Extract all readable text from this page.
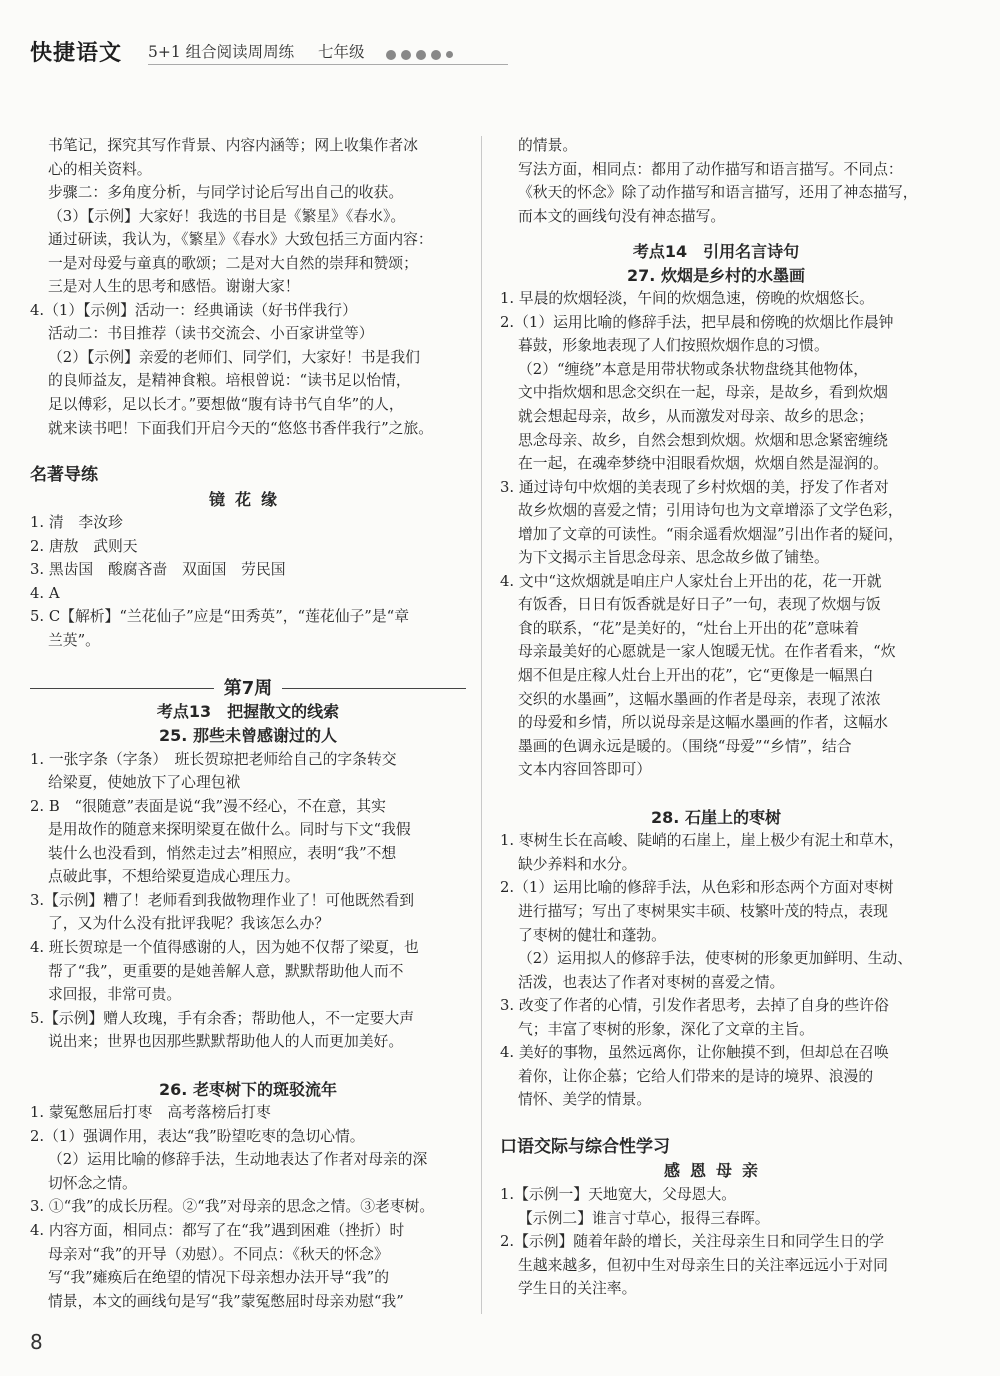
快捷语文 5+1 组合阅读周周练 七年级
书笔记，探究其写作背景、内容内涵等；网上收集作者冰
心的相关资料。
步骤二：多角度分析，与同学讨论后写出自己的收获。
（3）【示例】大家好！我选的书目是《繁星》《春水》。
通过研读，我认为，《繁星》《春水》大致包括三方面内容：
一是对母爱与童真的歌颂；二是对大自然的崇拜和赞颂；
三是对人生的思考和感悟。谢谢大家！
4.（1）【示例】活动一：经典诵读（好书伴我行）
活动二：书目推荐（读书交流会、小百家讲堂等）
（2）【示例】亲爱的老师们、同学们，大家好！书是我们
的良师益友，是精神食粮。培根曾说：“读书足以怡情，
足以傅彩，足以长才。”要想做“腹有诗书气自华”的人，
就来读书吧！下面我们开启今天的“悠悠书香伴我行”之旅。
名著导练
镜花缘
1. 清　李汝珍
2. 唐敖　武则天
3. 黑齿国　酸腐吝啬　双面国　劳民国
4. A
5. C【解析】“兰花仙子”应是“田秀英”，“莲花仙子”是“章
兰英”。
第7周
考点13　把握散文的线索
25. 那些未曾感谢过的人
1. 一张字条（字条）　班长贺琼把老师给自己的字条转交
给梁夏，使她放下了心理包袱
2. B　“很随意”表面是说“我”漫不经心，不在意，其实
是用故作的随意来探明梁夏在做什么。同时与下文“我假
装什么也没看到，悄然走过去”相照应，表明“我”不想
点破此事，不想给梁夏造成心理压力。
3.【示例】糟了！老师看到我做物理作业了！可他既然看到
了，又为什么没有批评我呢？我该怎么办？
4. 班长贺琼是一个值得感谢的人，因为她不仅帮了梁夏，也
帮了“我”，更重要的是她善解人意，默默帮助他人而不
求回报，非常可贵。
5.【示例】赠人玫瑰，手有余香；帮助他人，不一定要大声
说出来；世界也因那些默默帮助他人的人而更加美好。
26. 老枣树下的斑驳流年
1. 蒙冤憋屈后打枣　高考落榜后打枣
2.（1）强调作用，表达“我”盼望吃枣的急切心情。
（2）运用比喻的修辞手法，生动地表达了作者对母亲的深
切怀念之情。
3. ①“我”的成长历程。②“我”对母亲的思念之情。③老枣树。
4. 内容方面，相同点：都写了在“我”遇到困难（挫折）时
母亲对“我”的开导（劝慰）。不同点：《秋天的怀念》
写“我”瘫痪后在绝望的情况下母亲想办法开导“我”的
情景，本文的画线句是写“我”蒙冤憋屈时母亲劝慰“我”
的情景。
写法方面，相同点：都用了动作描写和语言描写。不同点：
《秋天的怀念》除了动作描写和语言描写，还用了神态描写，
而本文的画线句没有神态描写。
考点14　引用名言诗句
27. 炊烟是乡村的水墨画
1. 早晨的炊烟轻淡，午间的炊烟急速，傍晚的炊烟悠长。
2.（1）运用比喻的修辞手法，把早晨和傍晚的炊烟比作晨钟
暮鼓，形象地表现了人们按照炊烟作息的习惯。
（2）“缠绕”本意是用带状物或条状物盘绕其他物体，
文中指炊烟和思念交织在一起，母亲，是故乡，看到炊烟
就会想起母亲，故乡，从而激发对母亲、故乡的思念；
思念母亲、故乡，自然会想到炊烟。炊烟和思念紧密缠绕
在一起，在魂牵梦绕中泪眼看炊烟，炊烟自然是湿润的。
3. 通过诗句中炊烟的美表现了乡村炊烟的美，抒发了作者对
故乡炊烟的喜爱之情；引用诗句也为文章增添了文学色彩，
增加了文章的可读性。“雨余遥看炊烟湿”引出作者的疑问，
为下文揭示主旨思念母亲、思念故乡做了铺垫。
4. 文中“这炊烟就是咱庄户人家灶台上开出的花，花一开就
有饭香，日日有饭香就是好日子”一句，表现了炊烟与饭
食的联系，“花”是美好的，“灶台上开出的花”意味着
母亲最美好的心愿就是一家人饱暖无忧。在作者看来，“炊
烟不但是庄稼人灶台上开出的花”，它“更像是一幅黑白
交织的水墨画”，这幅水墨画的作者是母亲，表现了浓浓
的母爱和乡情，所以说母亲是这幅水墨画的作者，这幅水
墨画的色调永远是暖的。（围绕“母爱”“乡情”，结合
文本内容回答即可）
28. 石崖上的枣树
1. 枣树生长在高峻、陡峭的石崖上，崖上极少有泥土和草木，
缺少养料和水分。
2.（1）运用比喻的修辞手法，从色彩和形态两个方面对枣树
进行描写；写出了枣树果实丰硕、枝繁叶茂的特点，表现
了枣树的健壮和蓬勃。
（2）运用拟人的修辞手法，使枣树的形象更加鲜明、生动、
活泼，也表达了作者对枣树的喜爱之情。
3. 改变了作者的心情，引发作者思考，去掉了自身的些许俗
气；丰富了枣树的形象，深化了文章的主旨。
4. 美好的事物，虽然远离你，让你触摸不到，但却总在召唤
着你，让你企慕；它给人们带来的是诗的境界、浪漫的
情怀、美学的情景。
口语交际与综合性学习
感恩母亲
1.【示例一】天地宽大，父母恩大。
【示例二】谁言寸草心，报得三春晖。
2.【示例】随着年龄的增长，关注母亲生日和同学生日的学
生越来越多，但初中生对母亲生日的关注率远远小于对同
学生日的关注率。
8
